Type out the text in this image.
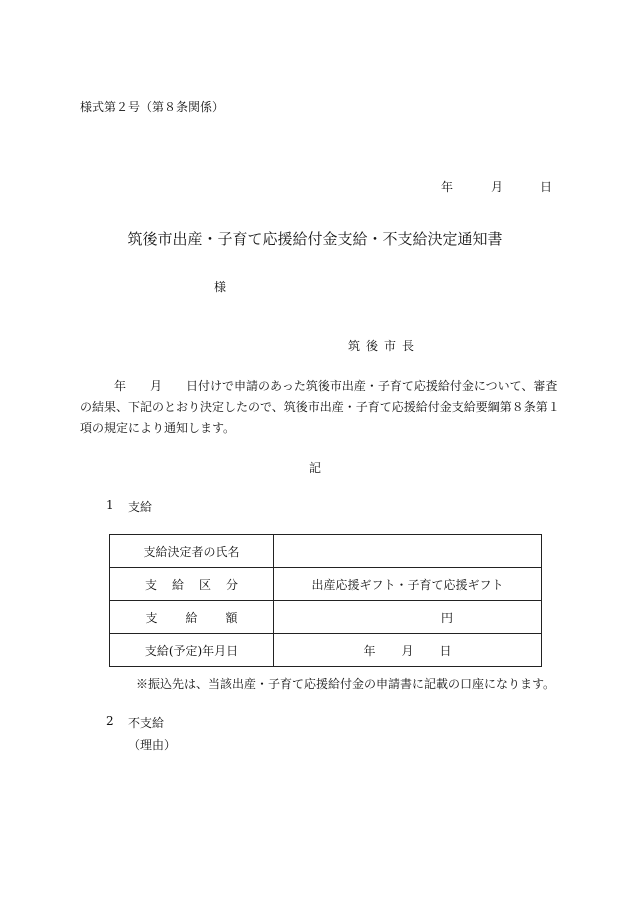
様式第２号（第８条関係）
年	月	日
筑後市出産・子育て応援給付金支給・不支給決定通知書
様
筑後市長
年 月 日付けで申請のあった筑後市出産・子育て応援給付金について、審査
の結果、下記のとおり決定したので、筑後市出産・子育て応援給付金支給要綱第８条第１
項の規定により通知します。
記
1 支給
支給決定者の氏名	
支給区分	出産応援ギフト・子育て応援ギフト
支給額	円
支給(予定)年月日	年 月 日
※振込先は、当該出産・子育て応援給付金の申請書に記載の口座になります。
2 不支給
（理由）
